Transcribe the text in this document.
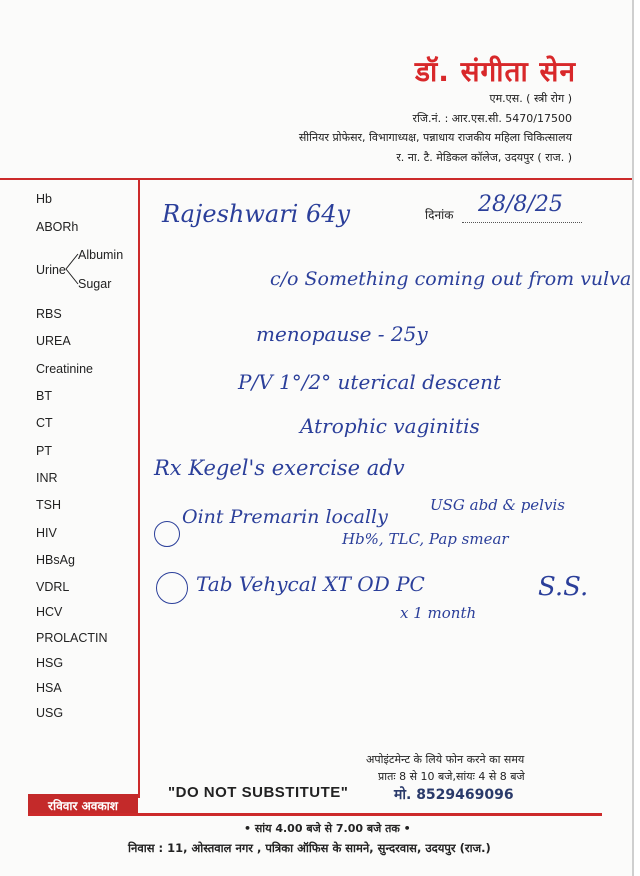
डॉ. संगीता सेन
एम.एस. ( स्त्री रोग )
रजि.नं. : आर.एस.सी. 5470/17500
सीनियर प्रोफेसर, विभागाध्यक्ष, पन्नाधाय राजकीय महिला चिकित्सालय
र. ना. टै. मेडिकल कॉलेज, उदयपुर ( राज. )
Hb
ABORh
RBS
UREA
Creatinine
BT
CT
PT
INR
TSH
HIV
HBsAg
VDRL
HCV
PROLACTIN
HSG
HSA
USG
Urine
Albumin
Sugar
दिनांक 28/8/25
Rajeshwari 64y
c/o Something coming out from vulva
menopause - 25y
P/V 1°/2° uterical descent
Atrophic vaginitis
Rx Kegel's exercise adv
Oint Premarin locally
USG abd & pelvis
Hb%, TLC, Pap smear
Tab Vehycal XT OD PC
x 1 month
S.S.
अपोइंटमेन्ट के लिये फोन करने का समय
प्रातः 8 से 10 बजे,सांयः 4 से 8 बजे
"DO NOT SUBSTITUTE"	मो. 8529469096
रविवार अवकाश
• सांय 4.00 बजे से 7.00 बजे तक •
निवास : 11, ओस्तवाल नगर , पत्रिका ऑफिस के सामने, सुन्दरवास, उदयपुर (राज.)
